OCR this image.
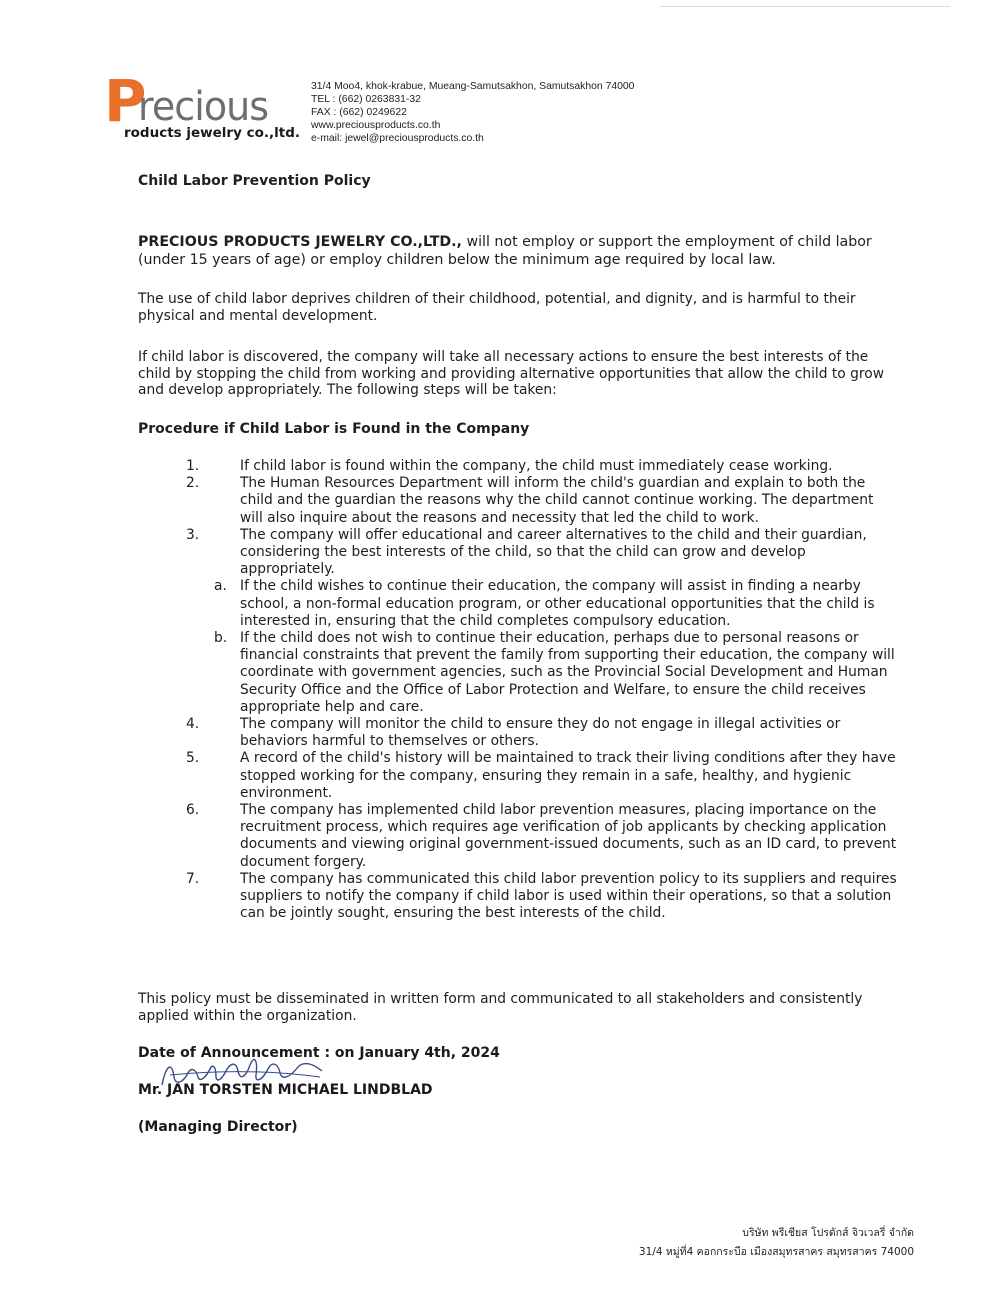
P
recious
roducts jewelry co.,ltd.
31/4 Moo4, khok-krabue, Mueang-Samutsakhon, Samutsakhon 74000
TEL : (662) 0263831-32
FAX : (662) 0249622
www.preciousproducts.co.th
e-mail: jewel@preciousproducts.co.th
Child Labor Prevention Policy
PRECIOUS PRODUCTS JEWELRY CO.,LTD., will not employ or support the employment of child labor (under 15 years of age) or employ children below the minimum age required by local law.
The use of child labor deprives children of their childhood, potential, and dignity, and is harmful to their physical and mental development.
If child labor is discovered, the company will take all necessary actions to ensure the best interests of the child by stopping the child from working and providing alternative opportunities that allow the child to grow and develop appropriately. The following steps will be taken:
Procedure if Child Labor is Found in the Company
1.	If child labor is found within the company, the child must immediately cease working.
2.	The Human Resources Department will inform the child's guardian and explain to both the child and the guardian the reasons why the child cannot continue working. The department will also inquire about the reasons and necessity that led the child to work.
3.	The company will offer educational and career alternatives to the child and their guardian, considering the best interests of the child, so that the child can grow and develop appropriately.
a. If the child wishes to continue their education, the company will assist in finding a nearby school, a non-formal education program, or other educational opportunities that the child is interested in, ensuring that the child completes compulsory education.
b. If the child does not wish to continue their education, perhaps due to personal reasons or financial constraints that prevent the family from supporting their education, the company will coordinate with government agencies, such as the Provincial Social Development and Human Security Office and the Office of Labor Protection and Welfare, to ensure the child receives appropriate help and care.
4.	The company will monitor the child to ensure they do not engage in illegal activities or behaviors harmful to themselves or others.
5.	A record of the child's history will be maintained to track their living conditions after they have stopped working for the company, ensuring they remain in a safe, healthy, and hygienic environment.
6.	The company has implemented child labor prevention measures, placing importance on the recruitment process, which requires age verification of job applicants by checking application documents and viewing original government-issued documents, such as an ID card, to prevent document forgery.
7.	The company has communicated this child labor prevention policy to its suppliers and requires suppliers to notify the company if child labor is used within their operations, so that a solution can be jointly sought, ensuring the best interests of the child.
This policy must be disseminated in written form and communicated to all stakeholders and consistently applied within the organization.
Date of Announcement : on January 4th, 2024
Mr. JAN TORSTEN MICHAEL LINDBLAD
(Managing Director)
บริษัท พรีเชียส โปรดักส์ จิวเวลรี่ จำกัด
31/4 หมู่ที่4 คอกกระบือ เมืองสมุทรสาคร สมุทรสาคร 74000
